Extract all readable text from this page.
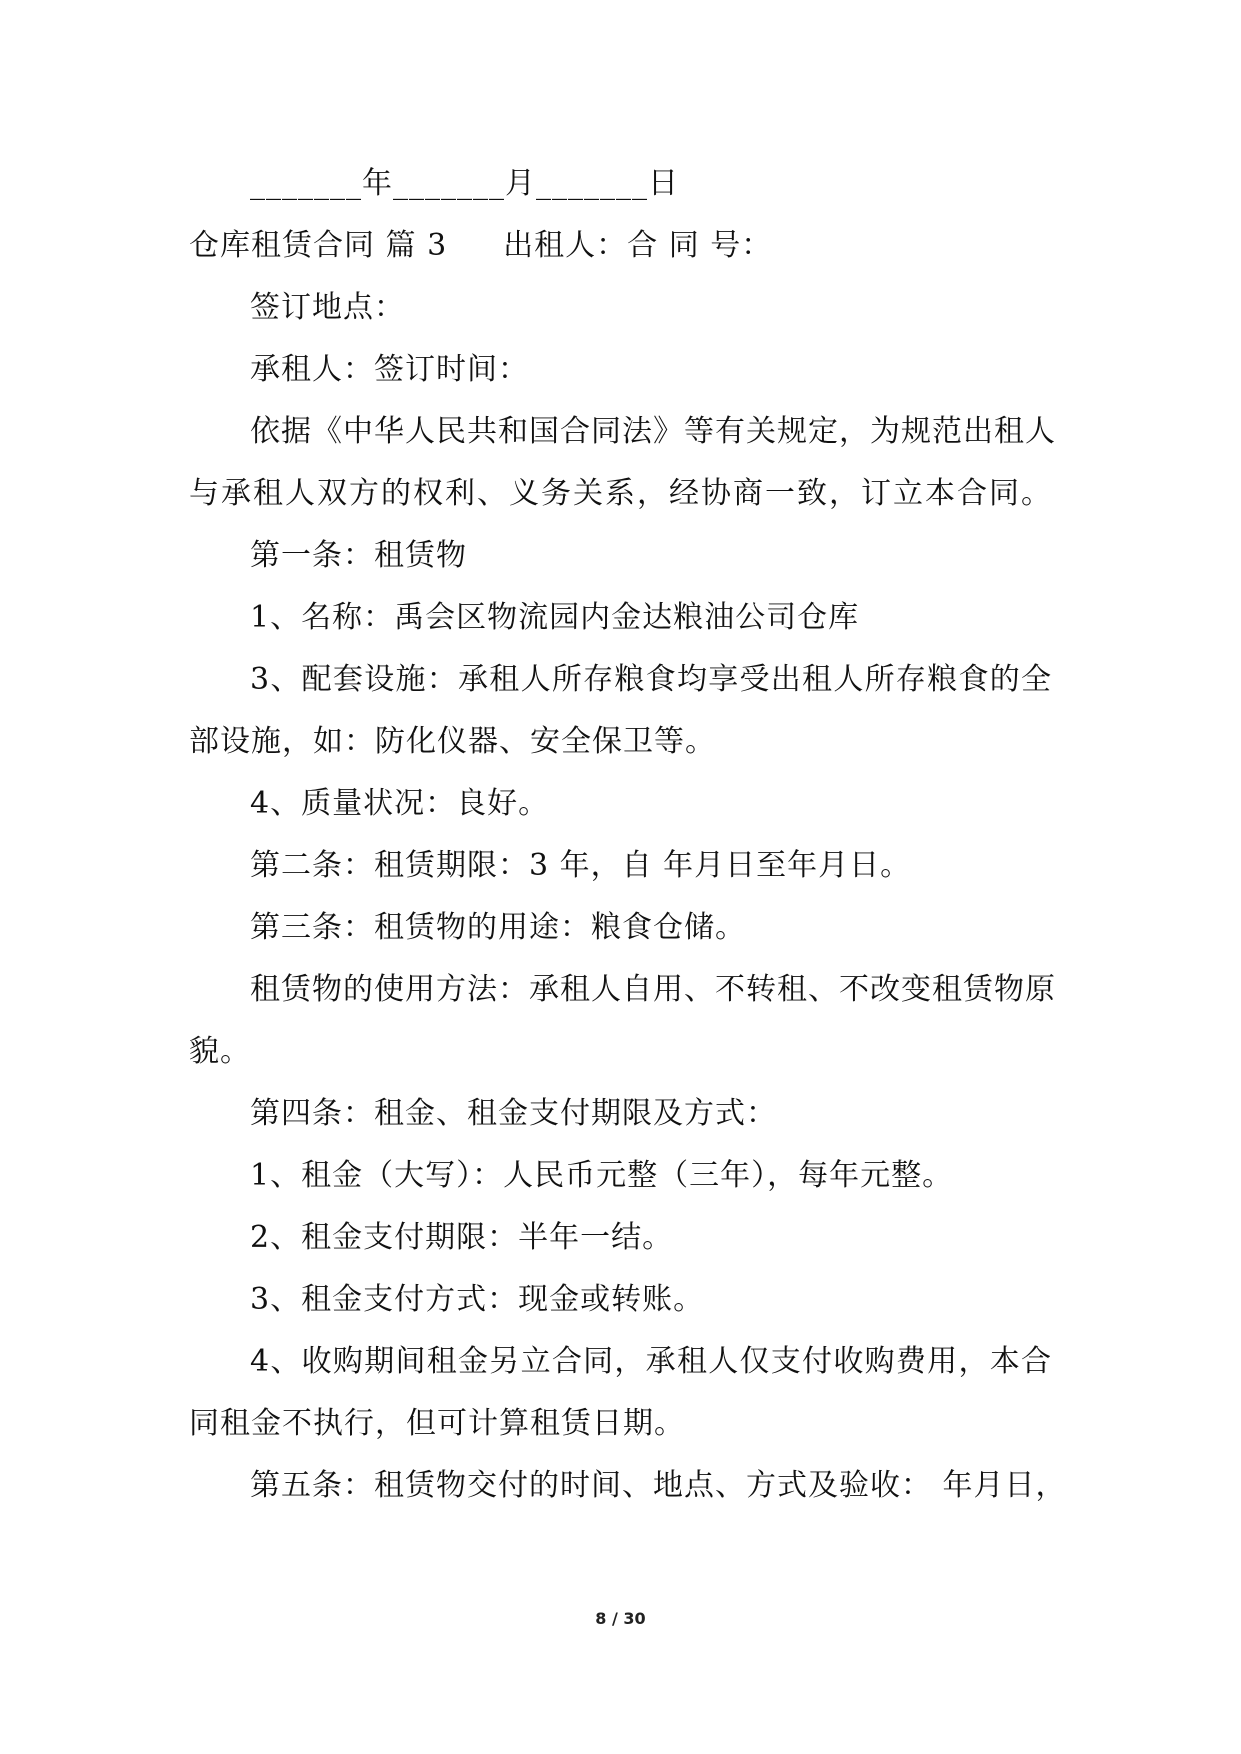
_______年_______月_______日
仓库租赁合同 篇 3 出租人：合 同 号：
签订地点：
承租人：签订时间：
依据《中华人民共和国合同法》等有关规定，为规范出租人
与承租人双方的权利、义务关系，经协商一致，订立本合同。
第一条：租赁物
1、名称：禹会区物流园内金达粮油公司仓库
3、配套设施：承租人所存粮食均享受出租人所存粮食的全
部设施，如：防化仪器、安全保卫等。
4、质量状况：良好。
第二条：租赁期限：3 年，自 年月日至年月日。
第三条：租赁物的用途：粮食仓储。
租赁物的使用方法：承租人自用、不转租、不改变租赁物原
貌。
第四条：租金、租金支付期限及方式：
1、租金（大写）：人民币元整（三年），每年元整。
2、租金支付期限：半年一结。
3、租金支付方式：现金或转账。
4、收购期间租金另立合同，承租人仅支付收购费用，本合
同租金不执行，但可计算租赁日期。
第五条：租赁物交付的时间、地点、方式及验收： 年月日，
8 / 30
